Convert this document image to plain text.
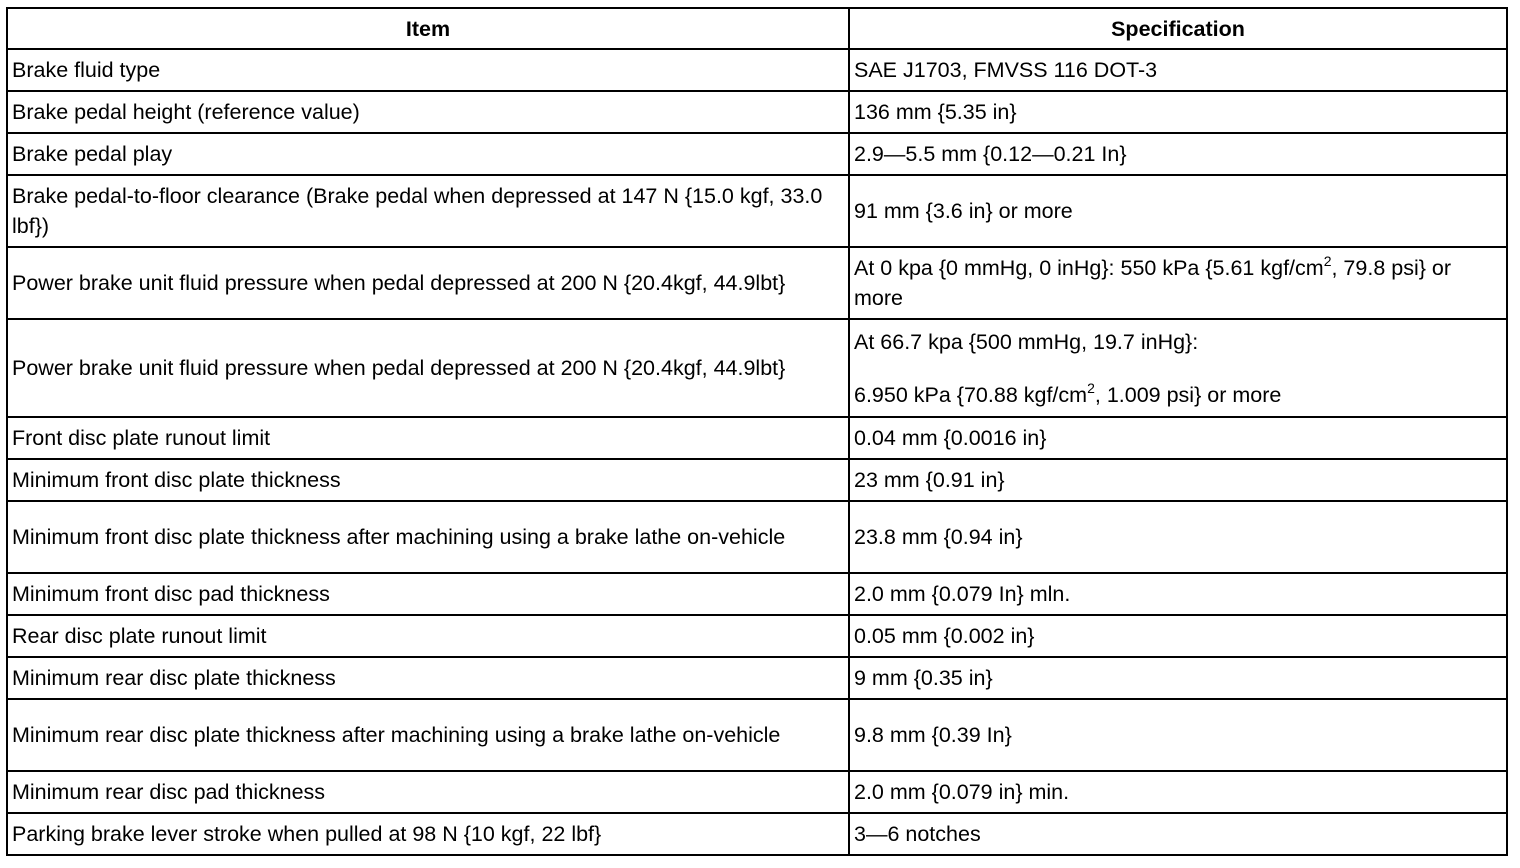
Item	Specification
Brake fluid type	SAE J1703, FMVSS 116 DOT-3
Brake pedal height (reference value)	136 mm {5.35 in}
Brake pedal play	2.9—5.5 mm {0.12—0.21 In}
Brake pedal-to-floor clearance (Brake pedal when depressed at 147 N {15.0 kgf, 33.0 lbf})	91 mm {3.6 in} or more
Power brake unit fluid pressure when pedal depressed at 200 N {20.4kgf, 44.9lbt}	At 0 kpa {0 mmHg, 0 inHg}: 550 kPa {5.61 kgf/$cm^2$, 79.8 psi} or more
Power brake unit fluid pressure when pedal depressed at 200 N {20.4kgf, 44.9lbt}	At 66.7 kpa {500 mmHg, 19.7 inHg}:
6.950 kPa {70.88 kgf/$cm^2$, 1.009 psi} or more

Front disc plate runout limit	0.04 mm {0.0016 in}
Minimum front disc plate thickness	23 mm {0.91 in}
Minimum front disc plate thickness after machining using a brake lathe on-vehicle	23.8 mm {0.94 in}
Minimum front disc pad thickness	2.0 mm {0.079 In} mln.
Rear disc plate runout limit	0.05 mm {0.002 in}
Minimum rear disc plate thickness	9 mm {0.35 in}
Minimum rear disc plate thickness after machining using a brake lathe on-vehicle	9.8 mm {0.39 In}
Minimum rear disc pad thickness	2.0 mm {0.079 in} min.
Parking brake lever stroke when pulled at 98 N {10 kgf, 22 lbf}	3—6 notches
